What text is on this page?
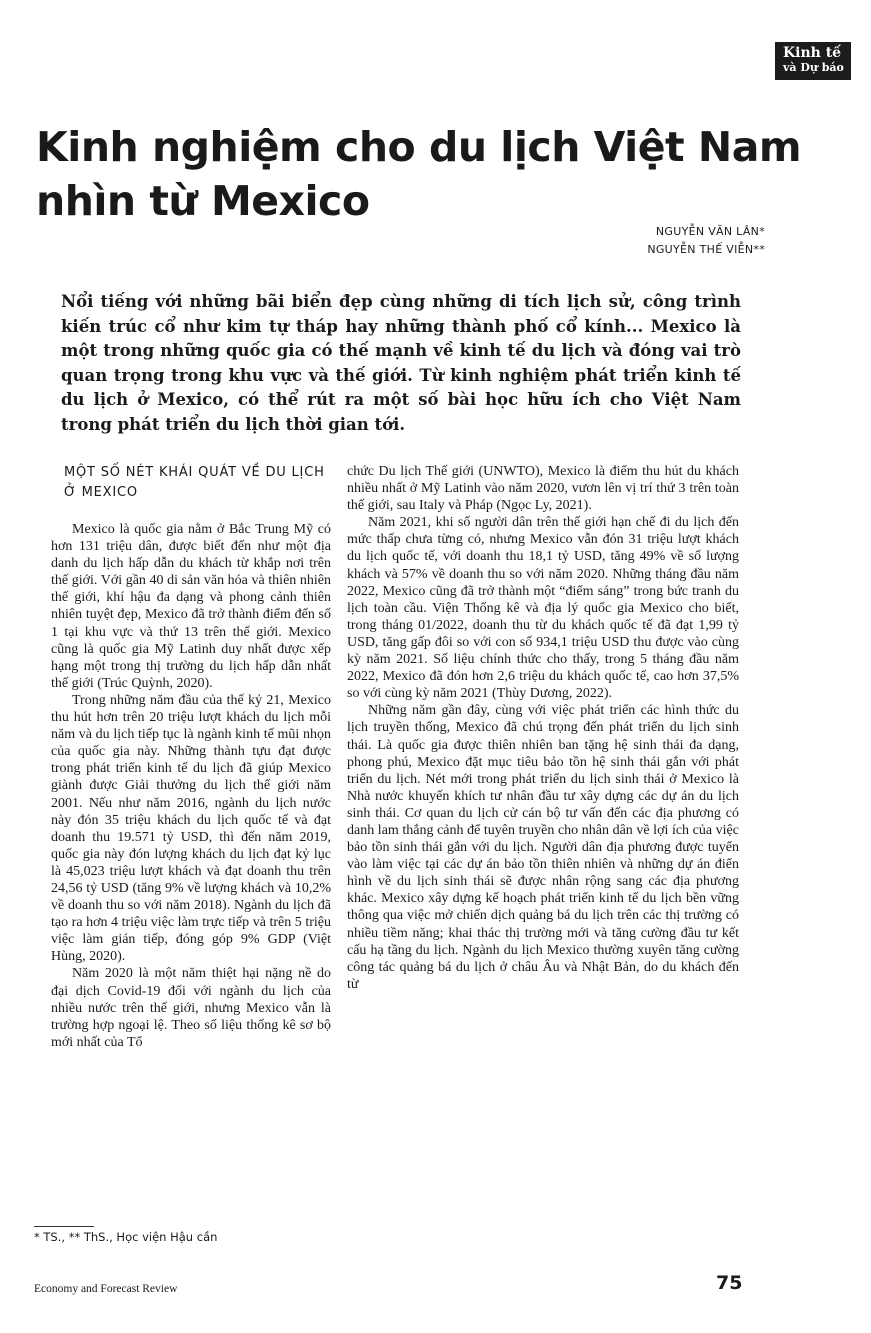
Kinh tế
và Dự báo
Kinh nghiệm cho du lịch Việt Nam nhìn từ Mexico
NGUYỄN VĂN LÂN*
NGUYỄN THẾ VIỄN**

Nổi tiếng với những bãi biển đẹp cùng những di tích lịch sử, công trình kiến trúc cổ như kim tự tháp hay những thành phố cổ kính... Mexico là một trong những quốc gia có thế mạnh về kinh tế du lịch và đóng vai trò quan trọng trong khu vực và thế giới. Từ kinh nghiệm phát triển kinh tế du lịch ở Mexico, có thể rút ra một số bài học hữu ích cho Việt Nam trong phát triển du lịch thời gian tới.

MỘT SỐ NÉT KHÁI QUÁT VỀ DU LỊCH Ở MEXICO

Mexico là quốc gia nằm ở Bắc Trung Mỹ có hơn 131 triệu dân, được biết đến như một địa danh du lịch hấp dẫn du khách từ khắp nơi trên thế giới. Với gần 40 di sản văn hóa và thiên nhiên thế giới, khí hậu đa dạng và phong cảnh thiên nhiên tuyệt đẹp, Mexico đã trở thành điểm đến số 1 tại khu vực và thứ 13 trên thế giới. Mexico cũng là quốc gia Mỹ Latinh duy nhất được xếp hạng một trong thị trường du lịch hấp dẫn nhất thế giới (Trúc Quỳnh, 2020).

Trong những năm đầu của thế kỷ 21, Mexico thu hút hơn trên 20 triệu lượt khách du lịch mỗi năm và du lịch tiếp tục là ngành kinh tế mũi nhọn của quốc gia này. Những thành tựu đạt được trong phát triển kinh tế du lịch đã giúp Mexico giành được Giải thưởng du lịch thế giới năm 2001. Nếu như năm 2016, ngành du lịch nước này đón 35 triệu khách du lịch quốc tế và đạt doanh thu 19.571 tỷ USD, thì đến năm 2019, quốc gia này đón lượng khách du lịch đạt kỷ lục là 45,023 triệu lượt khách và đạt doanh thu trên 24,56 tỷ USD (tăng 9% về lượng khách và 10,2% về doanh thu so với năm 2018). Ngành du lịch đã tạo ra hơn 4 triệu việc làm trực tiếp và trên 5 triệu việc làm gián tiếp, đóng góp 9% GDP (Việt Hùng, 2020).

Năm 2020 là một năm thiệt hại nặng nề do đại dịch Covid-19 đối với ngành du lịch của nhiều nước trên thế giới, nhưng Mexico vẫn là trường hợp ngoại lệ. Theo số liệu thống kê sơ bộ mới nhất của Tổ

chức Du lịch Thế giới (UNWTO), Mexico là điểm thu hút du khách nhiều nhất ở Mỹ Latinh vào năm 2020, vươn lên vị trí thứ 3 trên toàn thế giới, sau Italy và Pháp (Ngọc Ly, 2021).

Năm 2021, khi số người dân trên thế giới hạn chế đi du lịch đến mức thấp chưa từng có, nhưng Mexico vẫn đón 31 triệu lượt khách du lịch quốc tế, với doanh thu 18,1 tỷ USD, tăng 49% về số lượng khách và 57% về doanh thu so với năm 2020. Những tháng đầu năm 2022, Mexico cũng đã trở thành một “điểm sáng” trong bức tranh du lịch toàn cầu. Viện Thống kê và địa lý quốc gia Mexico cho biết, trong tháng 01/2022, doanh thu từ du khách quốc tế đã đạt 1,99 tỷ USD, tăng gấp đôi so với con số 934,1 triệu USD thu được vào cùng kỳ năm 2021. Số liệu chính thức cho thấy, trong 5 tháng đầu năm 2022, Mexico đã đón hơn 2,6 triệu du khách quốc tế, cao hơn 37,5% so với cùng kỳ năm 2021 (Thùy Dương, 2022).

Những năm gần đây, cùng với việc phát triển các hình thức du lịch truyền thống, Mexico đã chú trọng đến phát triển du lịch sinh thái. Là quốc gia được thiên nhiên ban tặng hệ sinh thái đa dạng, phong phú, Mexico đặt mục tiêu bảo tồn hệ sinh thái gắn với phát triển du lịch. Nét mới trong phát triển du lịch sinh thái ở Mexico là Nhà nước khuyến khích tư nhân đầu tư xây dựng các dự án du lịch sinh thái. Cơ quan du lịch cử cán bộ tư vấn đến các địa phương có danh lam thắng cảnh để tuyên truyền cho nhân dân về lợi ích của việc bảo tồn sinh thái gắn với du lịch. Người dân địa phương được tuyển vào làm việc tại các dự án bảo tồn thiên nhiên và những dự án điển hình về du lịch sinh thái sẽ được nhân rộng sang các địa phương khác. Mexico xây dựng kế hoạch phát triển kinh tế du lịch bền vững thông qua việc mở chiến dịch quảng bá du lịch trên các thị trường có nhiều tiềm năng; khai thác thị trường mới và tăng cường đầu tư kết cấu hạ tầng du lịch. Ngành du lịch Mexico thường xuyên tăng cường công tác quảng bá du lịch ở châu Âu và Nhật Bản, do du khách đến từ

* TS., ** ThS., Học viện Hậu cần
Economy and Forecast Review	75
